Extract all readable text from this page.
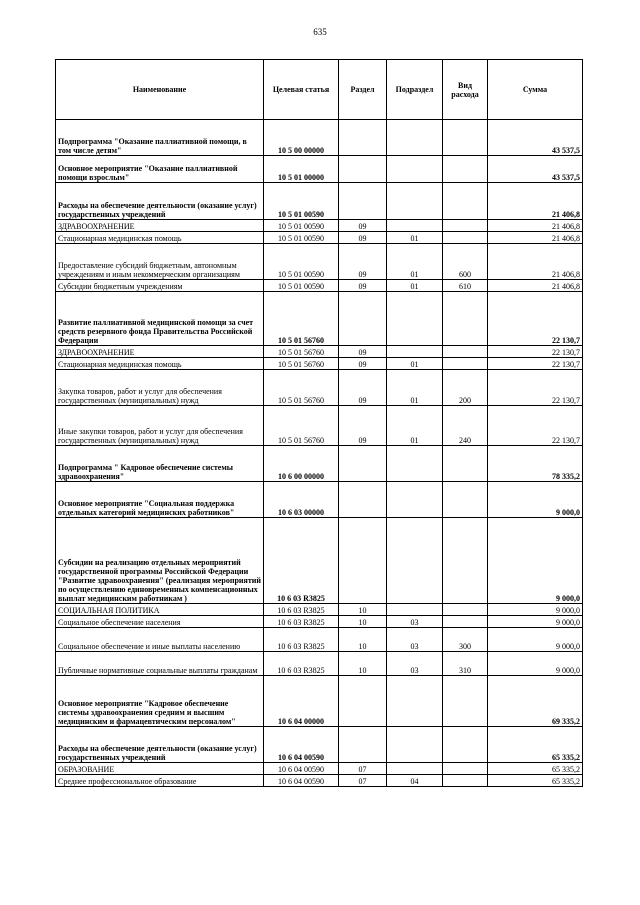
635
Наименование	Целевая статья	Раздел	Подраздел	Вид расхода	Сумма
Подпрограмма "Оказание паллиативной помощи, в том числе детям"	10 5 00 00000				43 537,5
Основное мероприятие "Оказание паллиативной помощи взрослым"	10 5 01 00000				43 537,5
Расходы на обеспечение деятельности (оказание услуг) государственных учреждений	10 5 01 00590				21 406,8
ЗДРАВООХРАНЕНИЕ	10 5 01 00590	09			21 406,8
Стационарная медицинская помощь	10 5 01 00590	09	01		21 406,8
Предоставление субсидий бюджетным, автономным учреждениям и иным некоммерческим организациям	10 5 01 00590	09	01	600	21 406,8
Субсидии бюджетным учреждениям	10 5 01 00590	09	01	610	21 406,8
Развитие паллиативной медицинской помощи за счет средств резервного фонда Правительства Российской Федерации	10 5 01 56760				22 130,7
ЗДРАВООХРАНЕНИЕ	10 5 01 56760	09			22 130,7
Стационарная медицинская помощь	10 5 01 56760	09	01		22 130,7
Закупка товаров, работ и услуг для обеспечения государственных (муниципальных) нужд	10 5 01 56760	09	01	200	22 130,7
Иные закупки товаров, работ и услуг для обеспечения государственных (муниципальных) нужд	10 5 01 56760	09	01	240	22 130,7
Подпрограмма " Кадровое обеспечение системы здравоохранения"	10 6 00 00000				78 335,2
Основное мероприятие "Социальная поддержка отдельных категорий медицинских работников"	10 6 03 00000				9 000,0
Субсидии на реализацию отдельных мероприятий государственной программы Российской Федерации "Развитие здравоохранения" (реализация мероприятий по осуществлению единовременных компенсационных выплат медицинским работникам )	10 6 03 R3825				9 000,0
СОЦИАЛЬНАЯ ПОЛИТИКА	10 6 03 R3825	10			9 000,0
Социальное обеспечение населения	10 6 03 R3825	10	03		9 000,0
Социальное обеспечение и иные выплаты населению	10 6 03 R3825	10	03	300	9 000,0
Публичные нормативные социальные выплаты гражданам	10 6 03 R3825	10	03	310	9 000,0
Основное мероприятие "Кадровое обеспечение системы здравоохранения средним и высшим медицинским и фармацевтическим персоналом"	10 6 04 00000				69 335,2
Расходы на обеспечение деятельности (оказание услуг) государственных учреждений	10 6 04 00590				65 335,2
ОБРАЗОВАНИЕ	10 6 04 00590	07			65 335,2
Среднее профессиональное образование	10 6 04 00590	07	04		65 335,2
